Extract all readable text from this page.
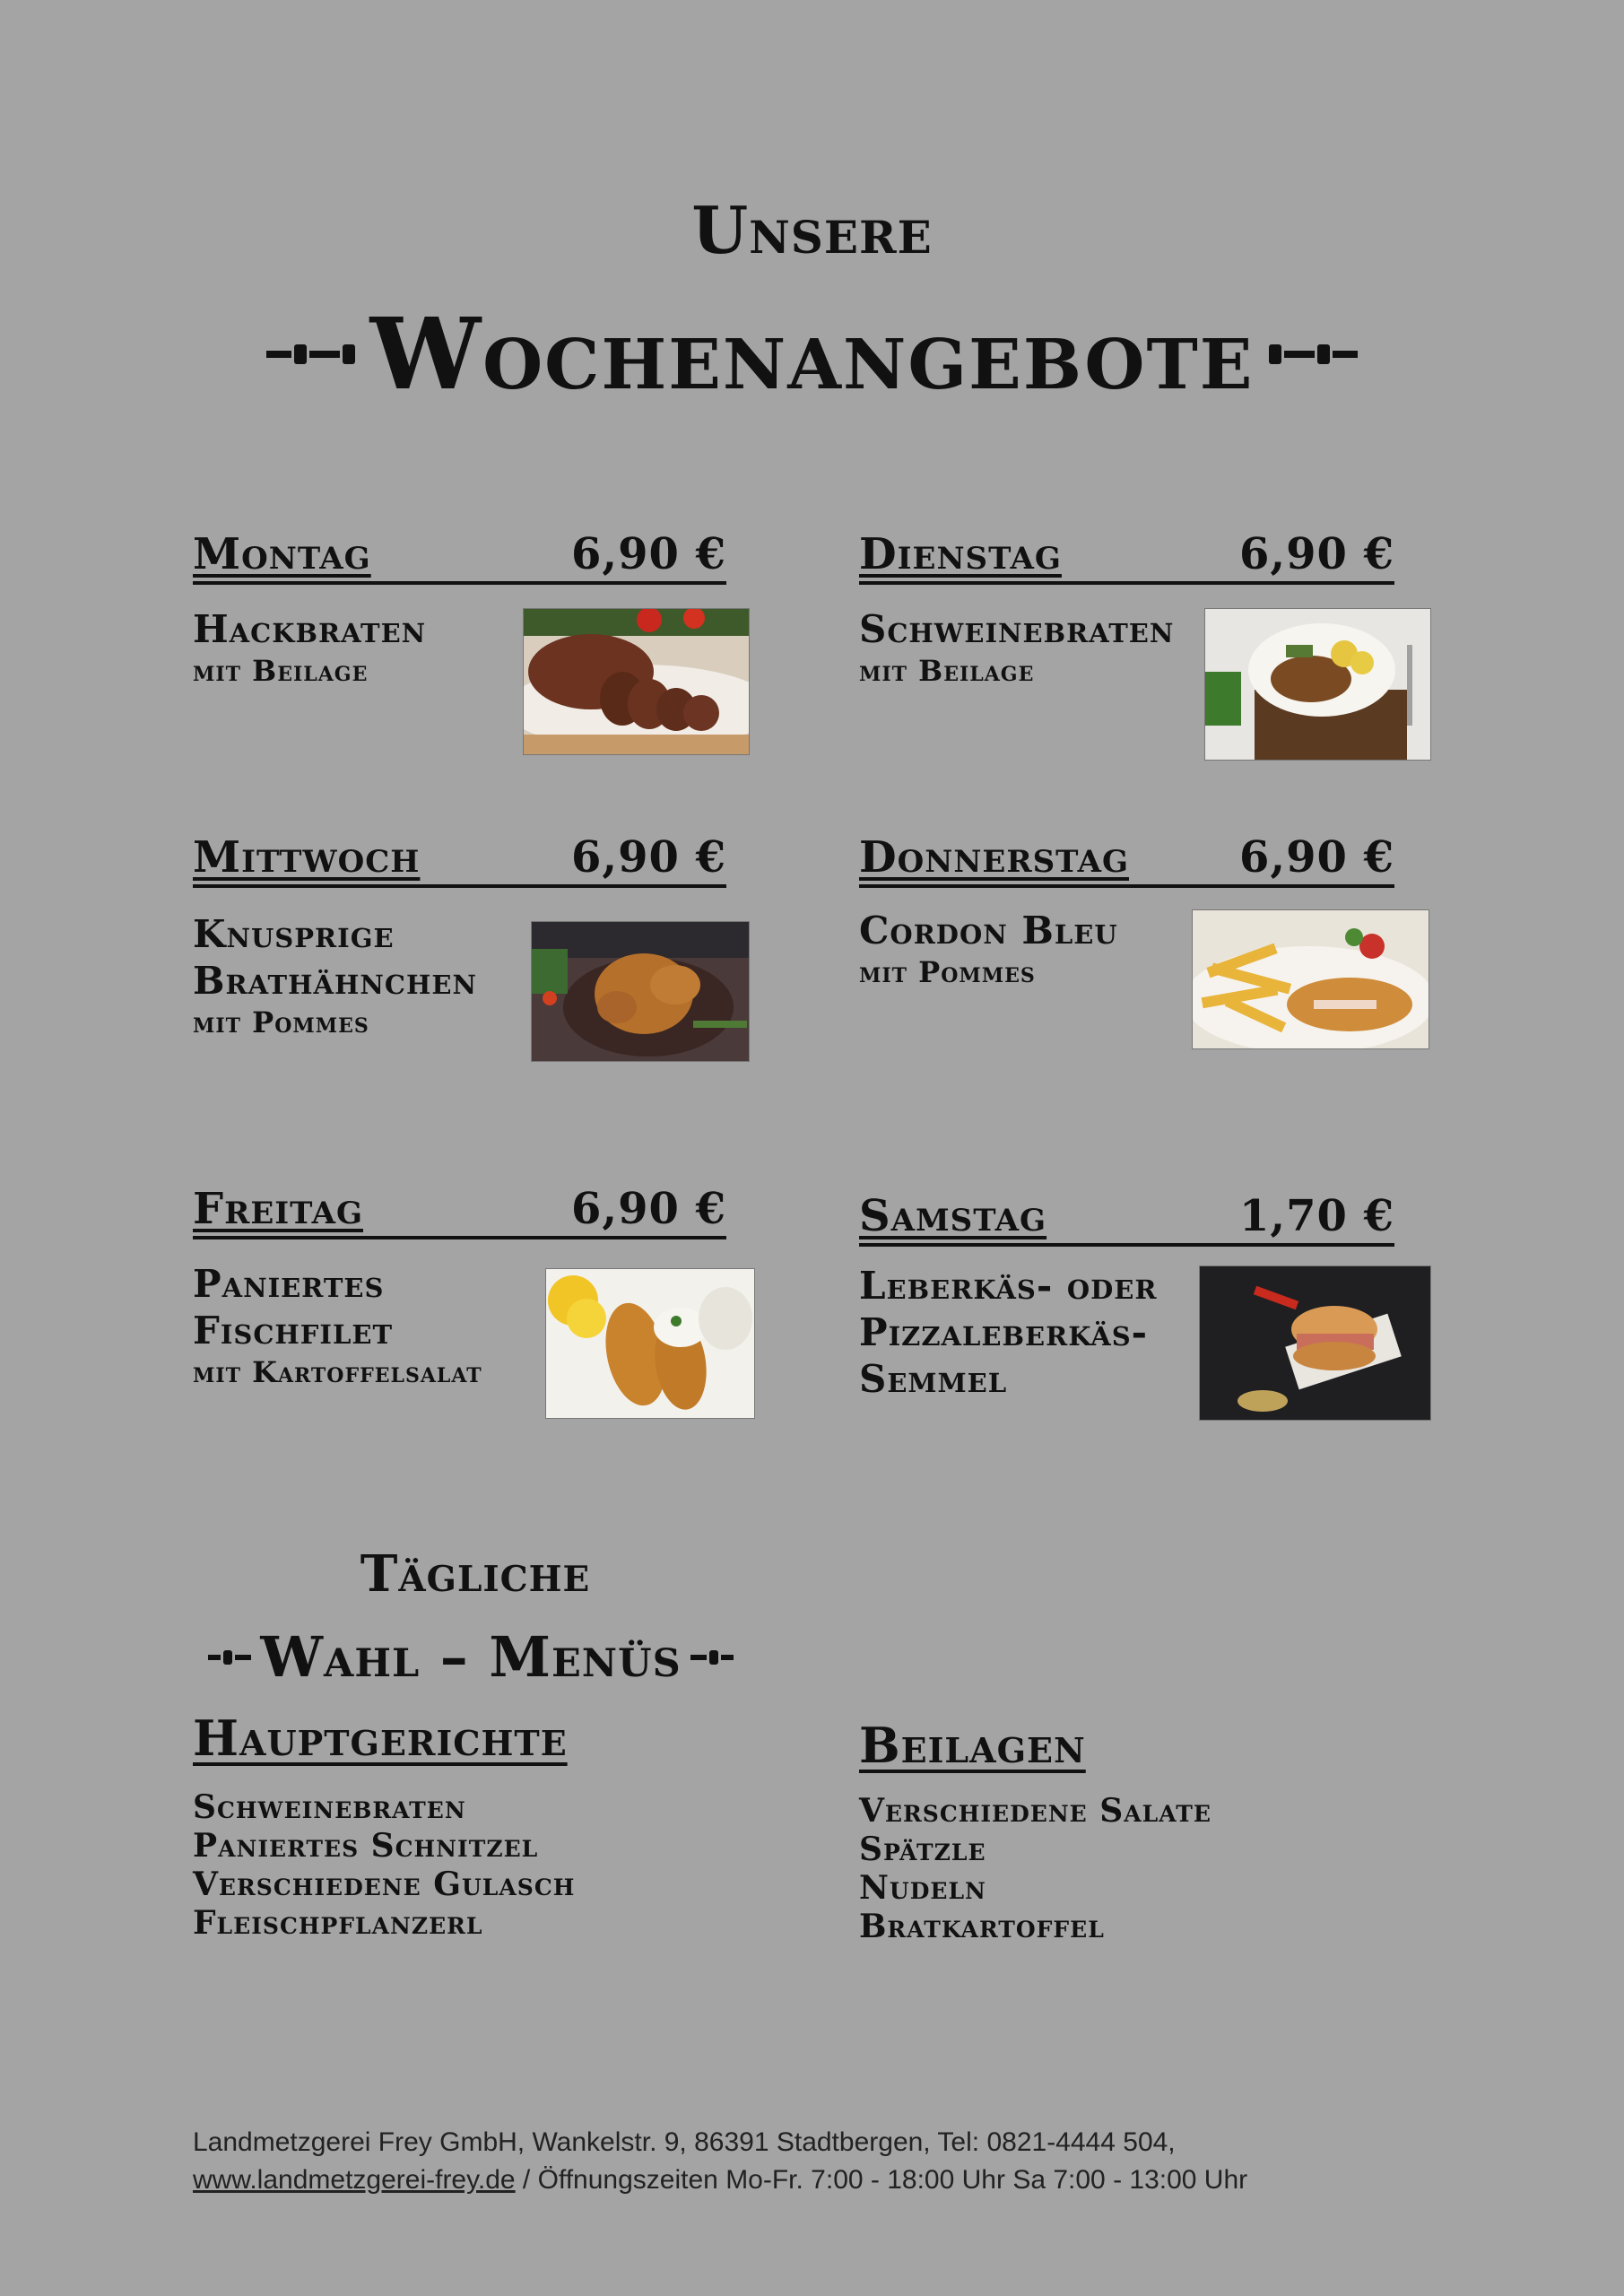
Unsere
Wochenangebote
Montag	6,90 €
Hackbraten
mit Beilage
Dienstag	6,90 €
Schweinebraten
mit Beilage
Mittwoch	6,90 €
Knusprige
Brathähnchen
mit Pommes
Donnerstag	6,90 €
Cordon Bleu
mit Pommes
Freitag	6,90 €
Paniertes
Fischfilet
mit Kartoffelsalat
Samstag	1,70 €
Leberkäs- oder
Pizzaleberkäs-
Semmel
Tägliche
Wahl – Menüs
Hauptgerichte
Schweinebraten
Paniertes Schnitzel
Verschiedene Gulasch
Fleischpflanzerl
Beilagen
Verschiedene Salate
Spätzle
Nudeln
Bratkartoffel
Landmetzgerei Frey GmbH, Wankelstr. 9, 86391 Stadtbergen, Tel: 0821-4444 504,
www.landmetzgerei-frey.de / Öffnungszeiten Mo-Fr. 7:00 - 18:00 Uhr Sa 7:00 - 13:00 Uhr
